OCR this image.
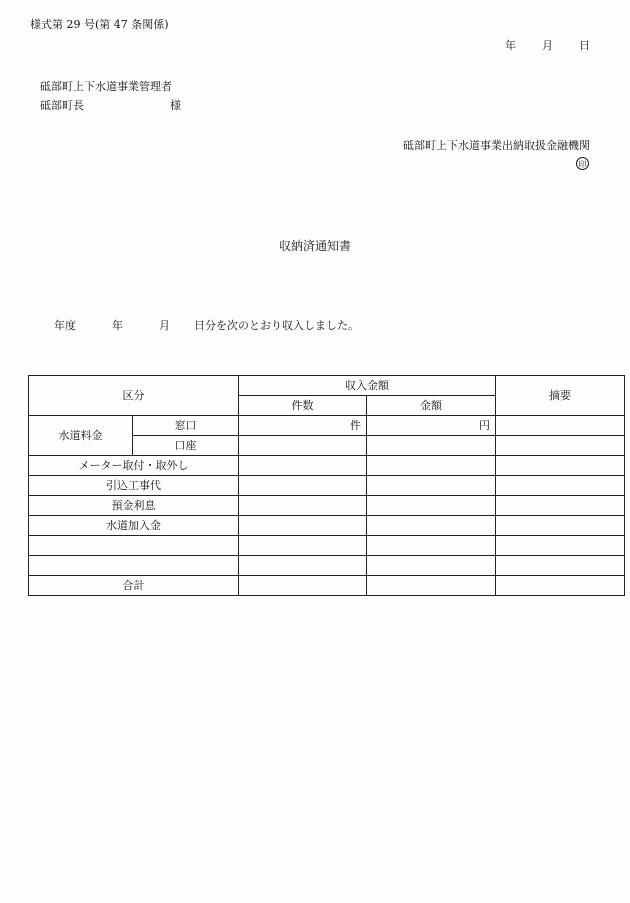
様式第 29 号(第 47 条関係)
年 月 日
砥部町上下水道事業管理者
砥部町長	様
砥部町上下水道事業出納取扱金融機関
印
収納済通知書
年度	年	月 日分を次のとおり収入しました。
区分		収入金額		摘要
		件数	金額	
水道料金	窓口	件	円	

	口座			
メーター取付・取外し				
引込工事代				
預金利息				
水道加入金				

合計				
